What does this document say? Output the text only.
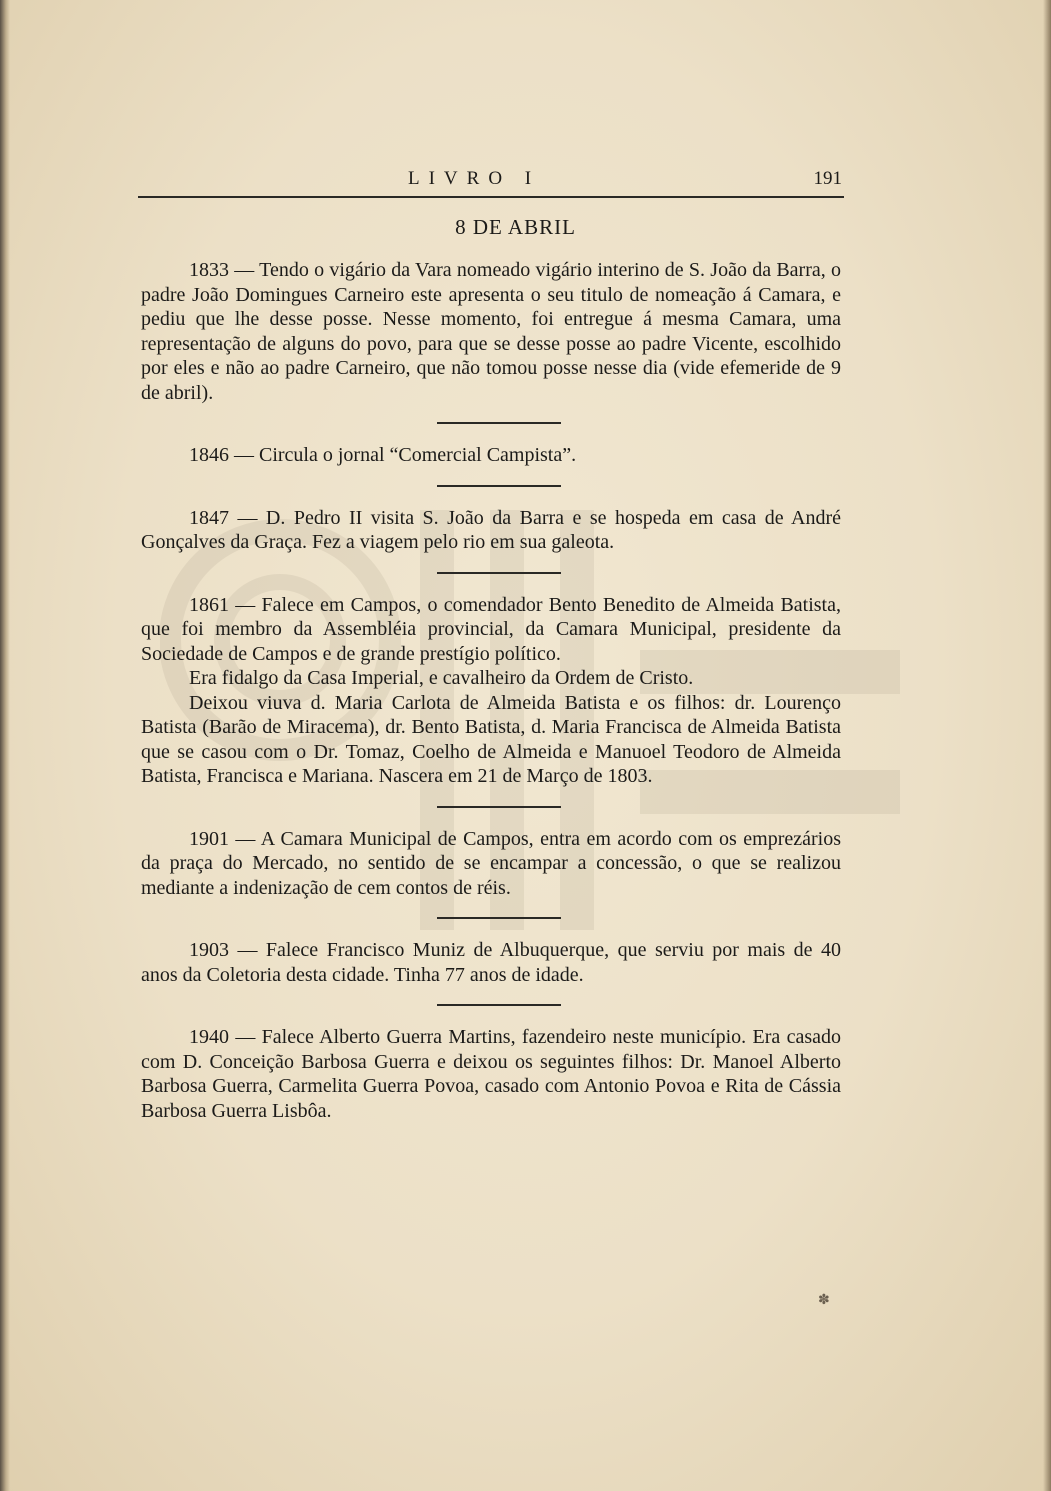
LIVRO I	191
8 DE ABRIL

1833 — Tendo o vigário da Vara nomeado vigário interino de S. João da Barra, o padre João Domingues Carneiro este apresenta o seu titulo de nomeação á Camara, e pediu que lhe desse posse. Nesse momento, foi entregue á mesma Camara, uma representação de alguns do povo, para que se desse posse ao padre Vicente, escolhido por eles e não ao padre Carneiro, que não tomou posse nesse dia (vide efemeride de 9 de abril).

1846 — Circula o jornal “Comercial Campista”.

1847 — D. Pedro II visita S. João da Barra e se hospeda em casa de André Gonçalves da Graça. Fez a viagem pelo rio em sua galeota.

1861 — Falece em Campos, o comendador Bento Benedito de Almeida Batista, que foi membro da Assembléia provincial, da Camara Municipal, presidente da Sociedade de Campos e de grande prestígio político.

Era fidalgo da Casa Imperial, e cavalheiro da Ordem de Cristo.

Deixou viuva d. Maria Carlota de Almeida Batista e os filhos: dr. Lourenço Batista (Barão de Miracema), dr. Bento Batista, d. Maria Francisca de Almeida Batista que se casou com o Dr. Tomaz, Coelho de Almeida e Manuoel Teodoro de Almeida Batista, Francisca e Mariana. Nascera em 21 de Março de 1803.

1901 — A Camara Municipal de Campos, entra em acordo com os emprezários da praça do Mercado, no sentido de se encampar a concessão, o que se realizou mediante a indenização de cem contos de réis.

1903 — Falece Francisco Muniz de Albuquerque, que serviu por mais de 40 anos da Coletoria desta cidade. Tinha 77 anos de idade.

1940 — Falece Alberto Guerra Martins, fazendeiro neste município. Era casado com D. Conceição Barbosa Guerra e deixou os seguintes filhos: Dr. Manoel Alberto Barbosa Guerra, Carmelita Guerra Povoa, casado com Antonio Povoa e Rita de Cássia Barbosa Guerra Lisbôa.

✽
